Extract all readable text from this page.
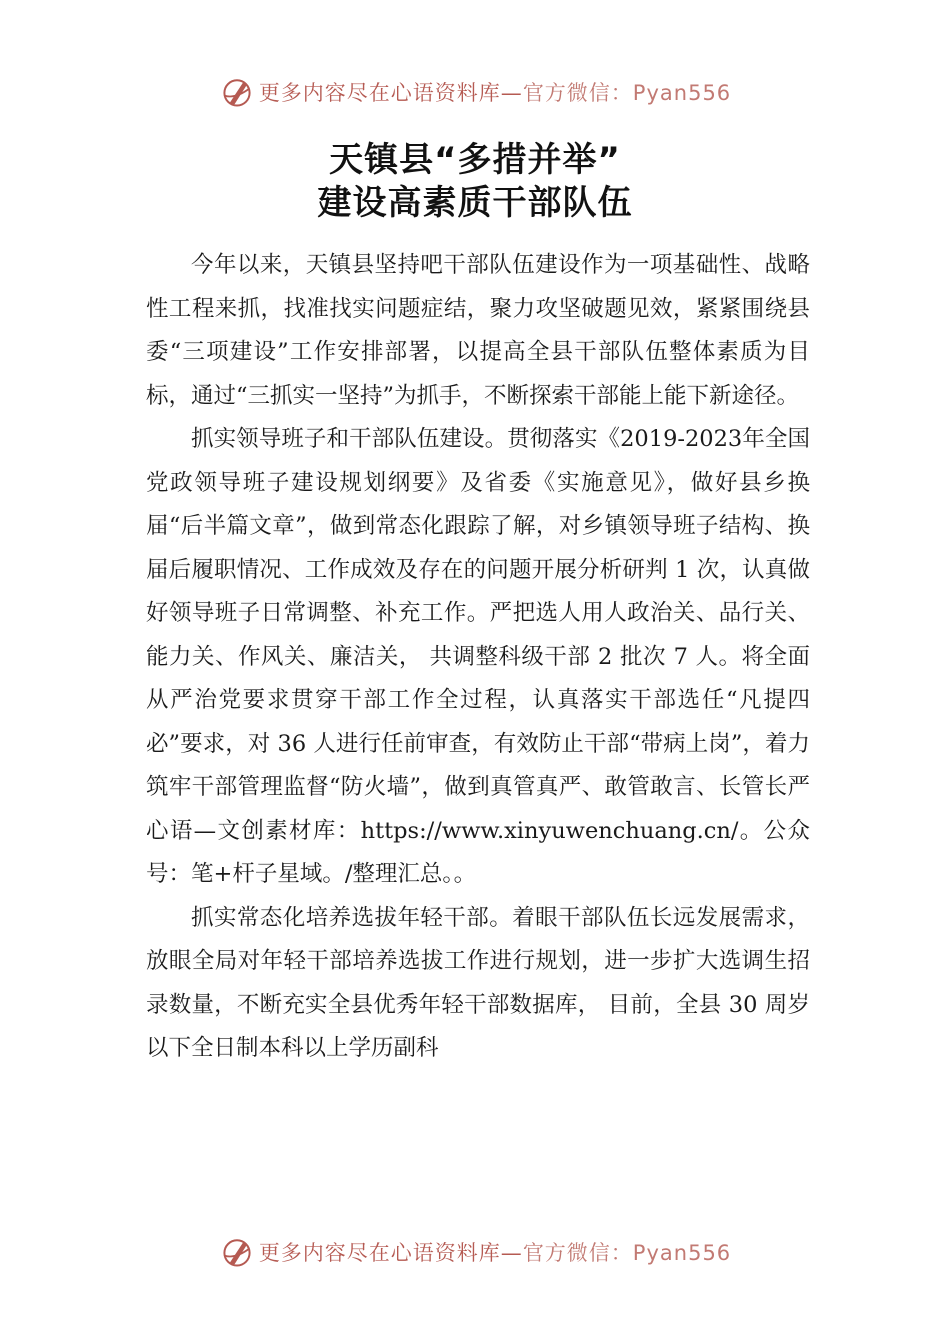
更多内容尽在心语资料库—官方微信：Pyan556
天镇县“多措并举”
建设高素质干部队伍

今年以来，天镇县坚持吧干部队伍建设作为一项基础性、战略性工程来抓，找准找实问题症结，聚力攻坚破题见效，紧紧围绕县委“三项建设”工作安排部署，以提高全县干部队伍整体素质为目标，通过“三抓实一坚持”为抓手，不断探索干部能上能下新途径。

抓实领导班子和干部队伍建设。贯彻落实《2019-2023年全国党政领导班子建设规划纲要》及省委《实施意见》，做好县乡换届“后半篇文章”，做到常态化跟踪了解，对乡镇领导班子结构、换届后履职情况、工作成效及存在的问题开展分析研判 1 次，认真做好领导班子日常调整、补充工作。严把选人用人政治关、品行关、能力关、作风关、廉洁关， 共调整科级干部 2 批次 7 人。将全面从严治党要求贯穿干部工作全过程，认真落实干部选任“凡提四必”要求，对 36 人进行任前审查，有效防止干部“带病上岗”，着力筑牢干部管理监督“防火墙”，做到真管真严、敢管敢言、长管长严心语—文创素材库：https://www.xinyuwenchuang.cn/。公众号：笔+杆子星域。/整理汇总。。

抓实常态化培养选拔年轻干部。着眼干部队伍长远发展需求，放眼全局对年轻干部培养选拔工作进行规划，进一步扩大选调生招录数量，不断充实全县优秀年轻干部数据库， 目前，全县 30 周岁以下全日制本科以上学历副科

更多内容尽在心语资料库—官方微信：Pyan556
